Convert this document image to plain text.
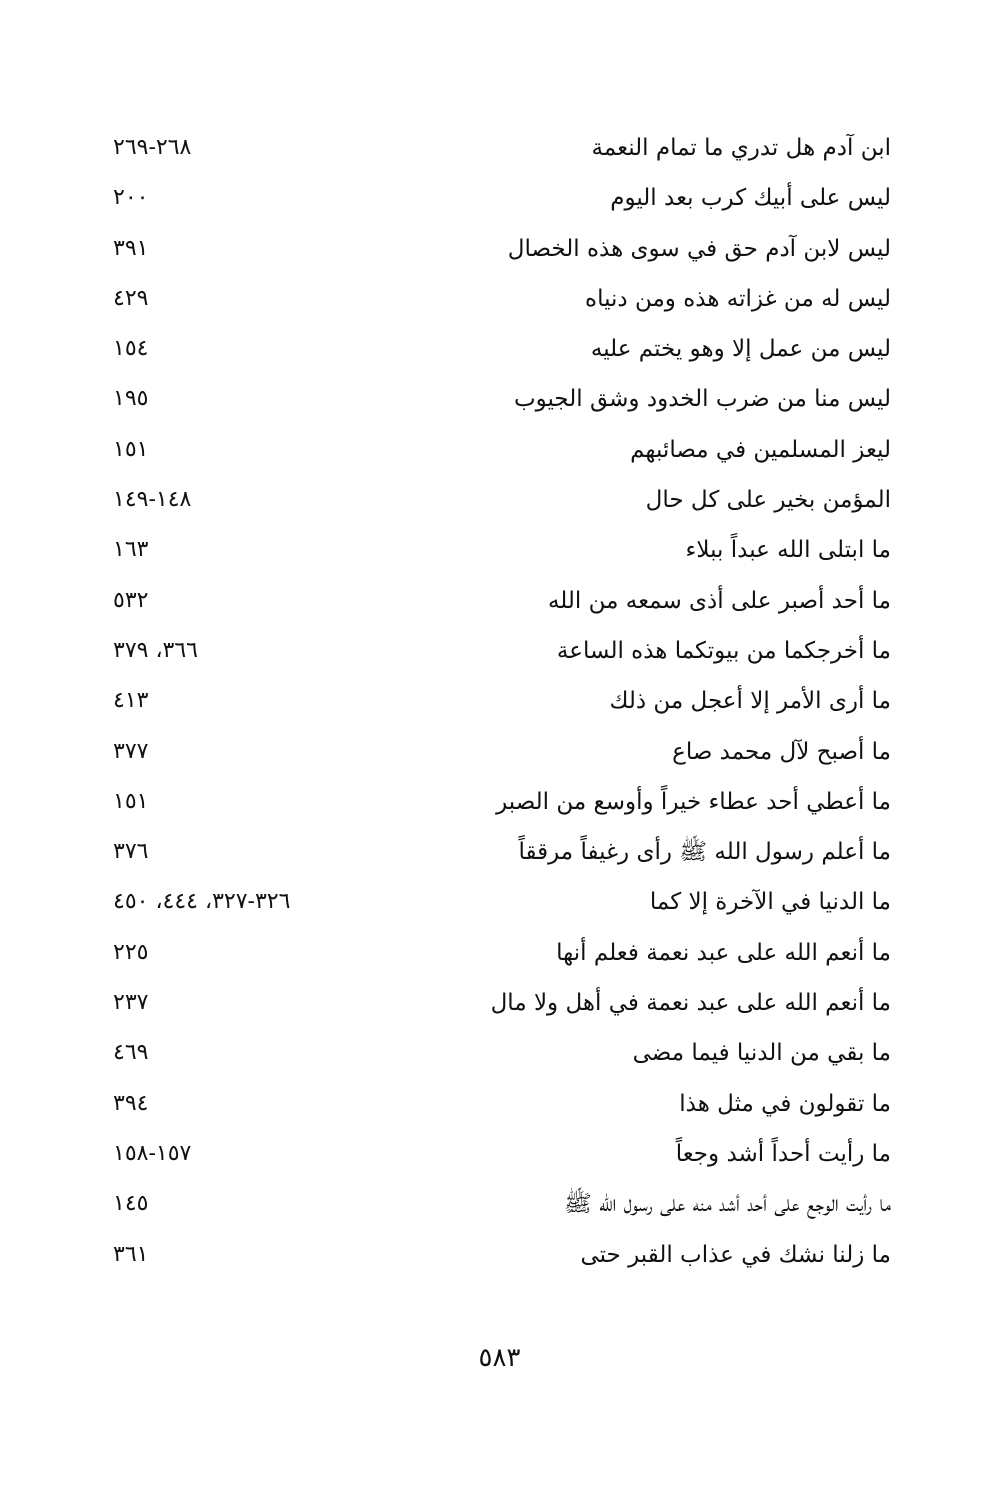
ابن آدم هل تدري ما تمام النعمة
٢٦٨-٢٦٩
ليس على أبيك كرب بعد اليوم
٢٠٠
ليس لابن آدم حق في سوى هذه الخصال
٣٩١
ليس له من غزاته هذه ومن دنياه
٤٢٩
ليس من عمل إلا وهو يختم عليه
١٥٤
ليس منا من ضرب الخدود وشق الجيوب
١٩٥
ليعز المسلمين في مصائبهم
١٥١
المؤمن بخير على كل حال
١٤٨-١٤٩
ما ابتلى الله عبداً ببلاء
١٦٣
ما أحد أصبر على أذى سمعه من الله
٥٣٢
ما أخرجكما من بيوتكما هذه الساعة
٣٦٦، ٣٧٩
ما أرى الأمر إلا أعجل من ذلك
٤١٣
ما أصبح لآل محمد صاع
٣٧٧
ما أعطي أحد عطاء خيراً وأوسع من الصبر
١٥١
ما أعلم رسول الله ﷺ رأى رغيفاً مرققاً
٣٧٦
ما الدنيا في الآخرة إلا كما
٣٢٦-٣٢٧، ٤٤٤، ٤٥٠
ما أنعم الله على عبد نعمة فعلم أنها
٢٢٥
ما أنعم الله على عبد نعمة في أهل ولا مال
٢٣٧
ما بقي من الدنيا فيما مضى
٤٦٩
ما تقولون في مثل هذا
٣٩٤
ما رأيت أحداً أشد وجعاً
١٥٧-١٥٨
ما رأيت الوجع على أحد أشد منه على رسول الله ﷺ
١٤٥
ما زلنا نشك في عذاب القبر حتى
٣٦١
٥٨٣
